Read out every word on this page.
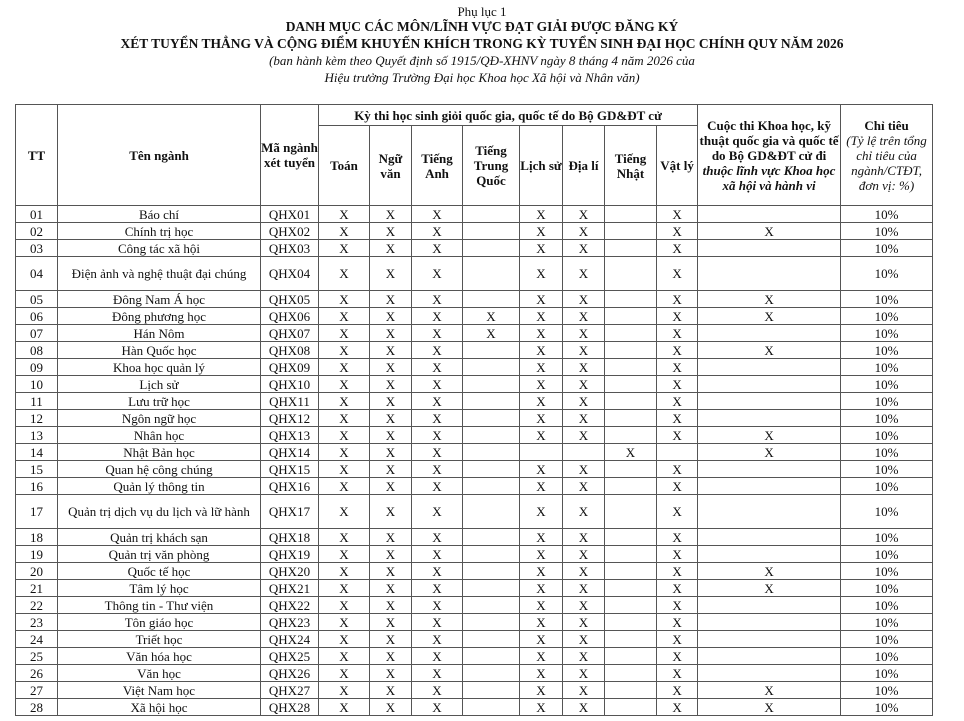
Phụ lục 1
DANH MỤC CÁC MÔN/LĨNH VỰC ĐẠT GIẢI ĐƯỢC ĐĂNG KÝ
XÉT TUYỂN THẲNG VÀ CỘNG ĐIỂM KHUYẾN KHÍCH TRONG KỲ TUYỂN SINH ĐẠI HỌC CHÍNH QUY NĂM 2026
(ban hành kèm theo Quyết định số 1915/QĐ-XHNV ngày 8 tháng 4 năm 2026 của
Hiệu trưởng Trường Đại học Khoa học Xã hội và Nhân văn)
TT	Tên ngành	Mã ngành xét tuyển	Kỳ thi học sinh giỏi quốc gia, quốc tế do Bộ GD&ĐT cử								Cuộc thi Khoa học, kỹ thuật quốc gia và quốc tế do Bộ GD&ĐT cử đi thuộc lĩnh vực Khoa học xã hội và hành vi	Chỉ tiêu
(Tỷ lệ trên tổng chỉ tiêu của ngành/CTĐT, đơn vị: %)

			Toán	Ngữ văn	Tiếng Anh	Tiếng Trung Quốc	Lịch sử	Địa lí	Tiếng Nhật	Vật lý		
01	Báo chí	QHX01	X	X	X		X	X		X		10%
02	Chính trị học	QHX02	X	X	X		X	X		X	X	10%
03	Công tác xã hội	QHX03	X	X	X		X	X		X		10%
04	Điện ảnh và nghệ thuật đại chúng	QHX04	X	X	X		X	X		X		10%
05	Đông Nam Á học	QHX05	X	X	X		X	X		X	X	10%
06	Đông phương học	QHX06	X	X	X	X	X	X		X	X	10%
07	Hán Nôm	QHX07	X	X	X	X	X	X		X		10%
08	Hàn Quốc học	QHX08	X	X	X		X	X		X	X	10%
09	Khoa học quản lý	QHX09	X	X	X		X	X		X		10%
10	Lịch sử	QHX10	X	X	X		X	X		X		10%
11	Lưu trữ học	QHX11	X	X	X		X	X		X		10%
12	Ngôn ngữ học	QHX12	X	X	X		X	X		X		10%
13	Nhân học	QHX13	X	X	X		X	X		X	X	10%
14	Nhật Bản học	QHX14	X	X	X				X		X	10%
15	Quan hệ công chúng	QHX15	X	X	X		X	X		X		10%
16	Quản lý thông tin	QHX16	X	X	X		X	X		X		10%
17	Quản trị dịch vụ du lịch và lữ hành	QHX17	X	X	X		X	X		X		10%
18	Quản trị khách sạn	QHX18	X	X	X		X	X		X		10%
19	Quản trị văn phòng	QHX19	X	X	X		X	X		X		10%
20	Quốc tế học	QHX20	X	X	X		X	X		X	X	10%
21	Tâm lý học	QHX21	X	X	X		X	X		X	X	10%
22	Thông tin - Thư viện	QHX22	X	X	X		X	X		X		10%
23	Tôn giáo học	QHX23	X	X	X		X	X		X		10%
24	Triết học	QHX24	X	X	X		X	X		X		10%
25	Văn hóa học	QHX25	X	X	X		X	X		X		10%
26	Văn học	QHX26	X	X	X		X	X		X		10%
27	Việt Nam học	QHX27	X	X	X		X	X		X	X	10%
28	Xã hội học	QHX28	X	X	X		X	X		X	X	10%
